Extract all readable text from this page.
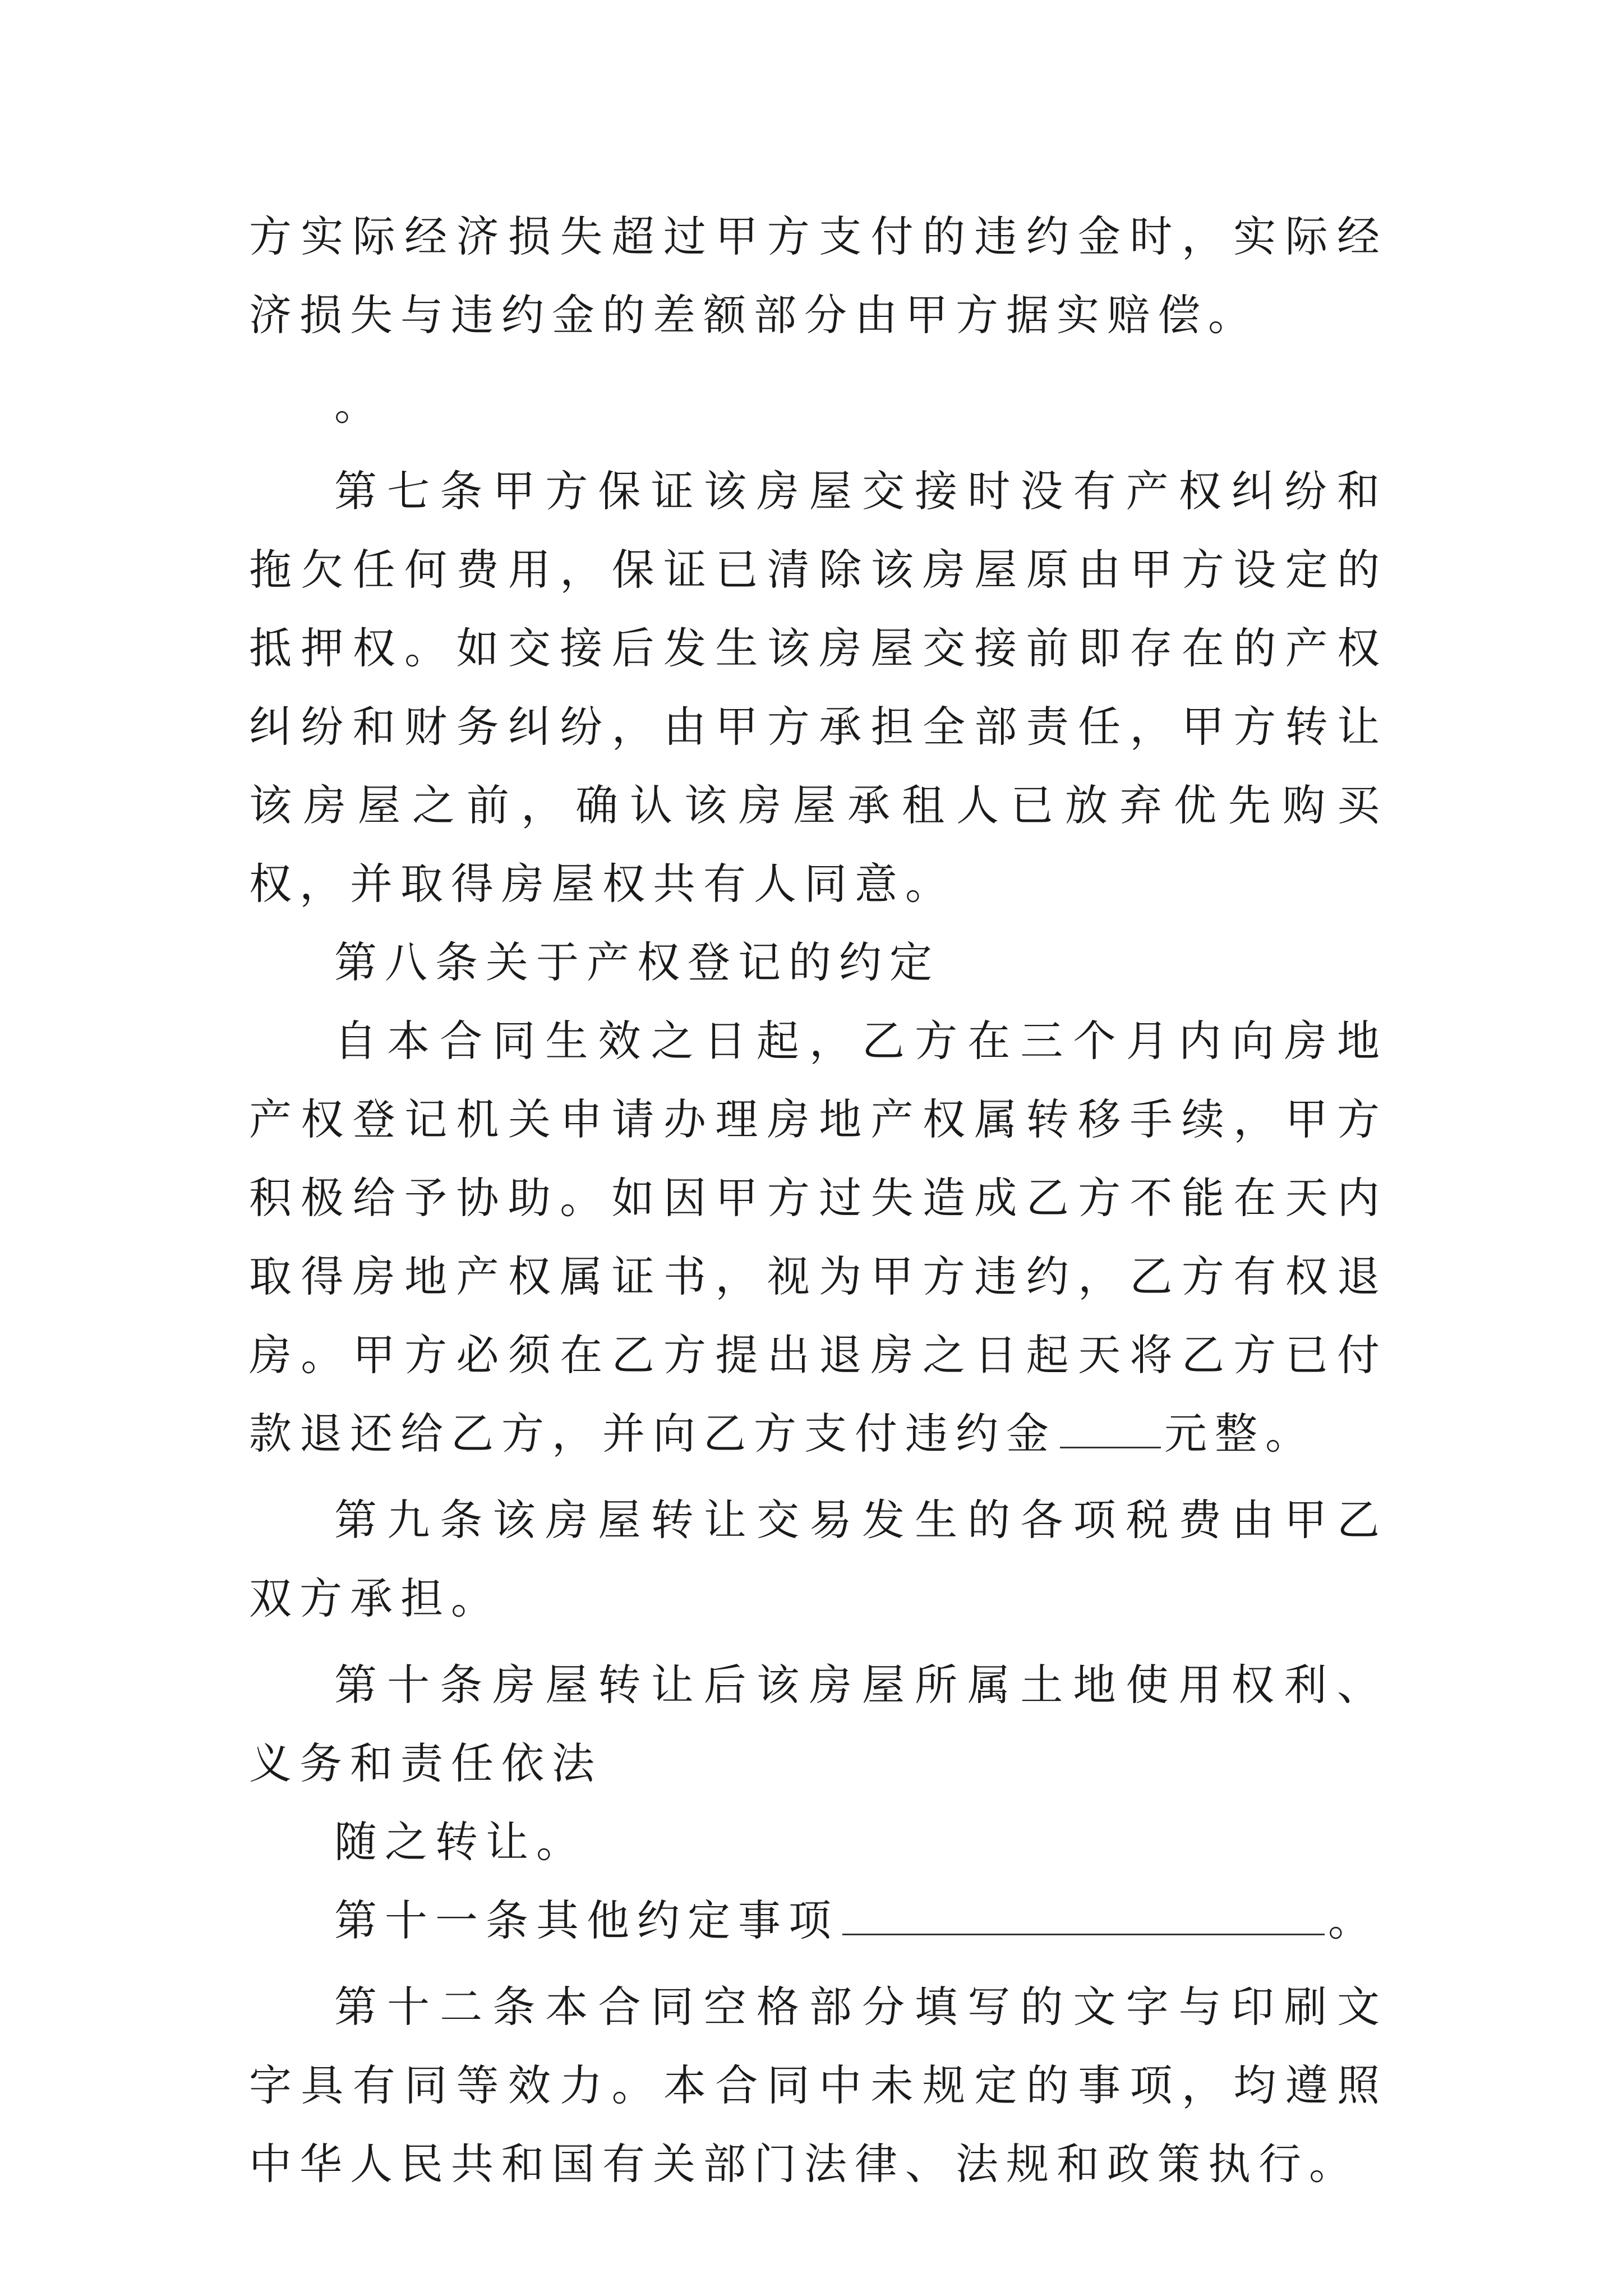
方实际经济损失超过甲方支付的违约金时，实际经济损失与违约金的差额部分由甲方据实赔偿。

。

第七条甲方保证该房屋交接时没有产权纠纷和拖欠任何费用，保证已清除该房屋原由甲方设定的抵押权。如交接后发生该房屋交接前即存在的产权纠纷和财务纠纷，由甲方承担全部责任，甲方转让该房屋之前，确认该房屋承租人已放弃优先购买权，并取得房屋权共有人同意。

第八条关于产权登记的约定

自本合同生效之日起，乙方在三个月内向房地产权登记机关申请办理房地产权属转移手续，甲方积极给予协助。如因甲方过失造成乙方不能在天内取得房地产权属证书，视为甲方违约，乙方有权退房。甲方必须在乙方提出退房之日起天将乙方已付款退还给乙方，并向乙方支付违约金	元整。

第九条该房屋转让交易发生的各项税费由甲乙双方承担。

第十条房屋转让后该房屋所属土地使用权利、义务和责任依法

随之转让。

第十一条其他约定事项	。

第十二条本合同空格部分填写的文字与印刷文字具有同等效力。本合同中未规定的事项，均遵照中华人民共和国有关部门法律、法规和政策执行。
